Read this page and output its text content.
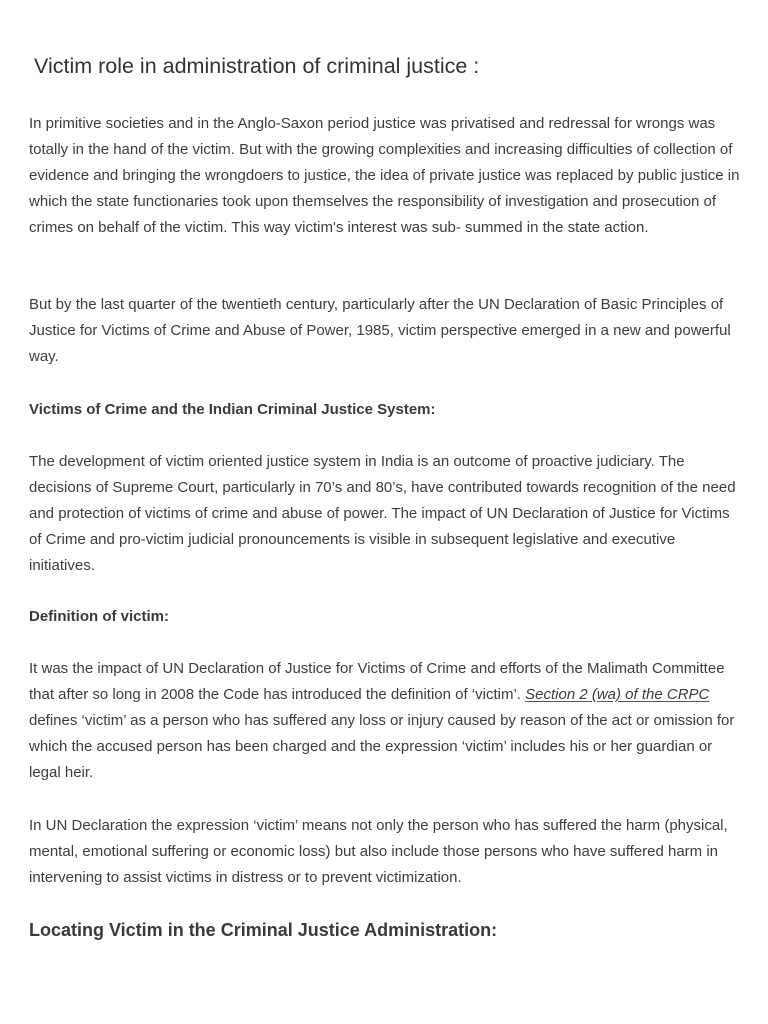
Victim role in administration of criminal justice :

In primitive societies and in the Anglo-Saxon period justice was privatised and redressal for wrongs was totally in the hand of the victim. But with the growing complexities and increasing difficulties of collection of evidence and bringing the wrongdoers to justice, the idea of private justice was replaced by public justice in which the state functionaries took upon themselves the responsibility of investigation and prosecution of crimes on behalf of the victim. This way victim's interest was sub- summed in the state action.

But by the last quarter of the twentieth century, particularly after the UN Declaration of Basic Principles of Justice for Victims of Crime and Abuse of Power, 1985, victim perspective emerged in a new and powerful way.

Victims of Crime and the Indian Criminal Justice System:

The development of victim oriented justice system in India is an outcome of proactive judiciary. The decisions of Supreme Court, particularly in 70’s and 80’s, have contributed towards recognition of the need and protection of victims of crime and abuse of power. The impact of UN Declaration of Justice for Victims of Crime and pro-victim judicial pronouncements is visible in subsequent legislative and executive initiatives.

Definition of victim:

It was the impact of UN Declaration of Justice for Victims of Crime and efforts of the Malimath Committee that after so long in 2008 the Code has introduced the definition of ‘victim’. Section 2 (wa) of the CRPC defines ‘victim’ as a person who has suffered any loss or injury caused by reason of the act or omission for which the accused person has been charged and the expression ‘victim’ includes his or her guardian or legal heir.

In UN Declaration the expression ‘victim’ means not only the person who has suffered the harm (physical, mental, emotional suffering or economic loss) but also include those persons who have suffered harm in intervening to assist victims in distress or to prevent victimization.

Locating Victim in the Criminal Justice Administration:
